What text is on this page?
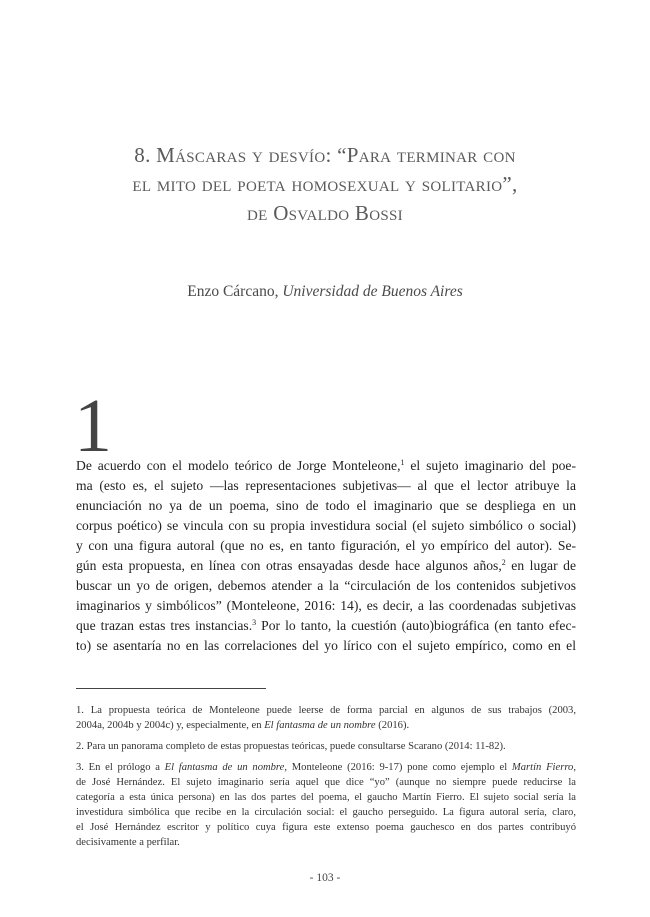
8. Máscaras y desvío: “Para terminar con
el mito del poeta homosexual y solitario”,
de Osvaldo Bossi
Enzo Cárcano, Universidad de Buenos Aires
1

De acuerdo con el modelo teórico de Jorge Monteleone,$^1$ el sujeto imaginario del poe-
ma (esto es, el sujeto —las representaciones subjetivas— al que el lector atribuye la
enunciación no ya de un poema, sino de todo el imaginario que se despliega en un
corpus poético) se vincula con su propia investidura social (el sujeto simbólico o social)
y con una figura autoral (que no es, en tanto figuración, el yo empírico del autor). Se-
gún esta propuesta, en línea con otras ensayadas desde hace algunos años,$^2$ en lugar de
buscar un yo de origen, debemos atender a la “circulación de los contenidos subjetivos
imaginarios y simbólicos” (Monteleone, 2016: 14), es decir, a las coordenadas subjetivas
que trazan estas tres instancias.$^3$ Por lo tanto, la cuestión (auto)biográfica (en tanto efec-
to) se asentaría no en las correlaciones del yo lírico con el sujeto empírico, como en el

1. La propuesta teórica de Monteleone puede leerse de forma parcial en algunos de sus trabajos (2003,
2004a, 2004b y 2004c) y, especialmente, en El fantasma de un nombre (2016).

2. Para un panorama completo de estas propuestas teóricas, puede consultarse Scarano (2014: 11-82).

3. En el prólogo a El fantasma de un nombre, Monteleone (2016: 9-17) pone como ejemplo el Martín Fierro,
de José Hernández. El sujeto imaginario sería aquel que dice “yo” (aunque no siempre puede reducirse la
categoría a esta única persona) en las dos partes del poema, el gaucho Martín Fierro. El sujeto social sería la
investidura simbólica que recibe en la circulación social: el gaucho perseguido. La figura autoral sería, claro,
el José Hernández escritor y político cuya figura este extenso poema gauchesco en dos partes contribuyó
decisivamente a perfilar.

- 103 -
